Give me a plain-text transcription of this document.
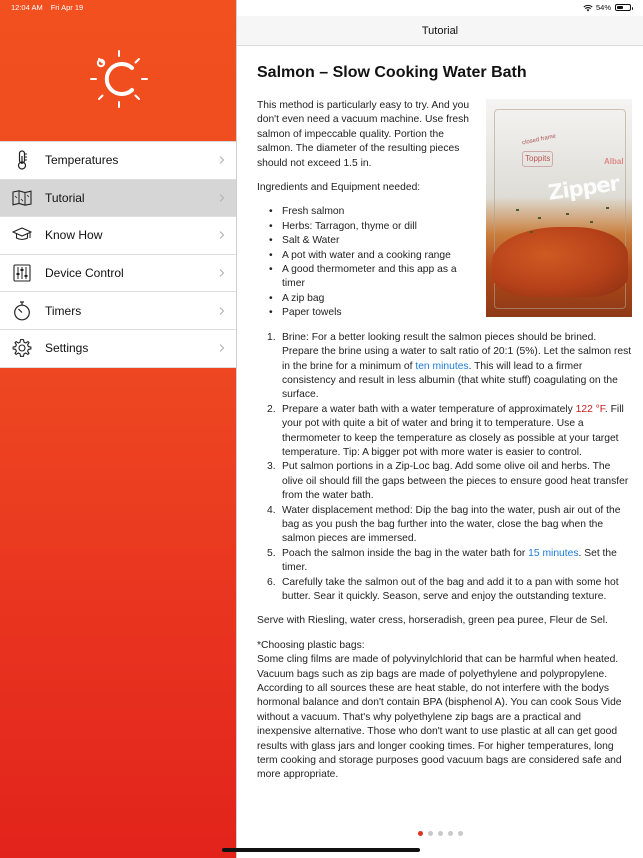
12:04 AM Fri Apr 19	54%
Temperatures
Tutorial
Know How
Device Control
Timers
Settings
Tutorial
Salmon – Slow Cooking Water Bath
closed frame
Toppits	Albal
Zipper

This method is particularly easy to try. And you don't even need a vacuum machine. Use fresh salmon of impeccable quality. Portion the salmon. The diameter of the resulting pieces should not exceed 1.5 in.

Ingredients and Equipment needed:

• Fresh salmon
• Herbs: Tarragon, thyme or dill
• Salt & Water
• A pot with water and a cooking range
• A good thermometer and this app as a timer
• A zip bag
• Paper towels
1. Brine: For a better looking result the salmon pieces should be brined. Prepare the brine using a water to salt ratio of 20:1 (5%). Let the salmon rest in the brine for a minimum of ten minutes. This will lead to a firmer consistency and result in less albumin (that white stuff) coagulating on the surface.
2. Prepare a water bath with a water temperature of approximately 122 °F. Fill your pot with quite a bit of water and bring it to temperature. Use a thermometer to keep the temperature as closely as possible at your target temperature. Tip: A bigger pot with more water is easier to control.
3. Put salmon portions in a Zip-Loc bag. Add some olive oil and herbs. The olive oil should fill the gaps between the pieces to ensure good heat transfer from the water bath.
4. Water displacement method: Dip the bag into the water, push air out of the bag as you push the bag further into the water, close the bag when the salmon pieces are immersed.
5. Poach the salmon inside the bag in the water bath for 15 minutes. Set the timer.
6. Carefully take the salmon out of the bag and add it to a pan with some hot butter. Sear it quickly. Season, serve and enjoy the outstanding texture.

Serve with Riesling, water cress, horseradish, green pea puree, Fleur de Sel.

*Choosing plastic bags:

Some cling films are made of polyvinylchlorid that can be harmful when heated. Vacuum bags such as zip bags are made of polyethylene and polypropylene. According to all sources these are heat stable, do not interfere with the bodys hormonal balance and don't contain BPA (bisphenol A). You can cook Sous Vide without a vacuum. That's why polyethylene zip bags are a practical and inexpensive alternative. Those who don't want to use plastic at all can get good results with glass jars and longer cooking times. For higher temperatures, long term cooking and storage purposes good vacuum bags are considered safe and more appropriate.
